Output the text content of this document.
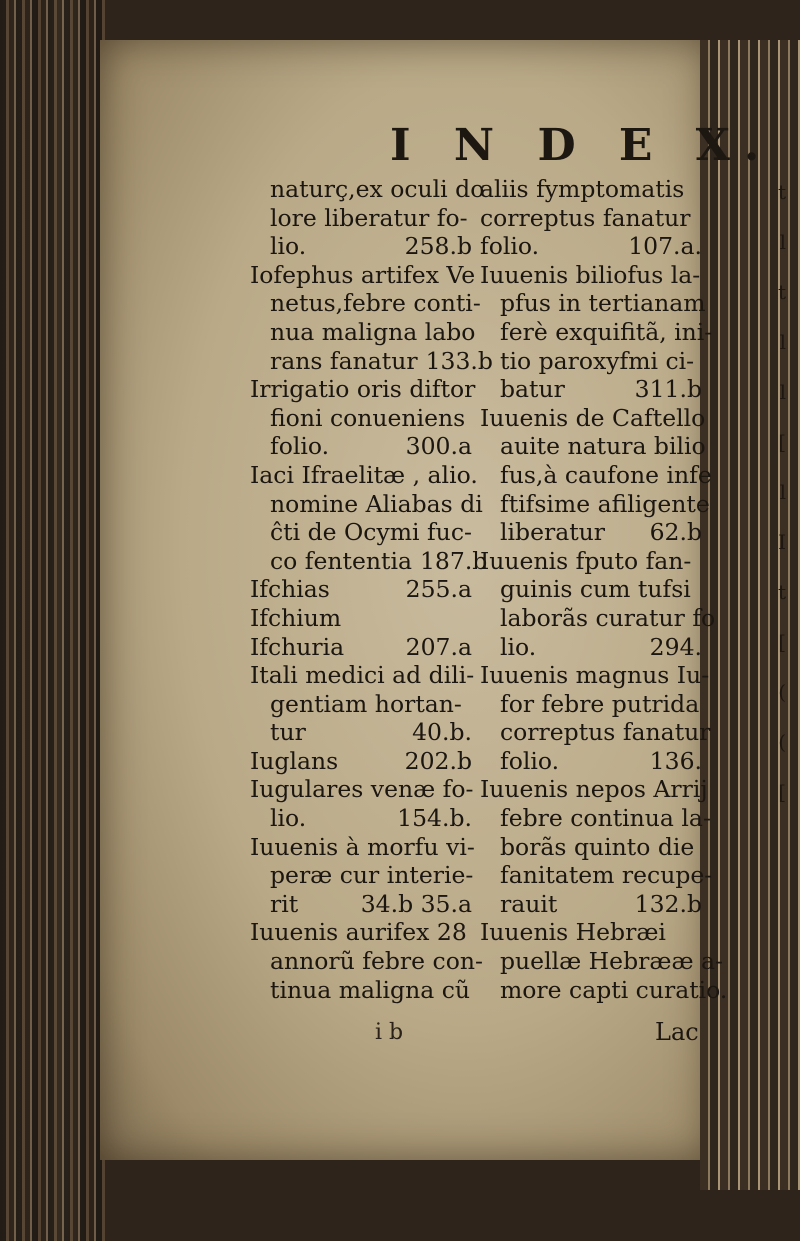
t
l
t
l
l
[
l
I
t
[
(
(
[
I N D E X.
naturç,ex oculi do
lore liberatur fo-
lio.	258.b
Iofephus artifex Ve
netus,febre conti-
nua maligna labo
rans fanatur 133.b
Irrigatio oris diftor
fioni conueniens
folio.	300.a
Iaci Ifraelitæ , alio.
nomine Aliabas di
ĉti de Ocymi fuc-
co fententia 187.b
Ifchias	255.a
Ifchium
Ifchuria	207.a
Itali medici ad dili-
gentiam hortan-
tur	40.b.
Iuglans	202.b
Iugulares venæ fo-
lio.	154.b.
Iuuenis à morfu vi-
peræ cur interie-
rit	34.b 35.a
Iuuenis aurifex 28
annorũ febre con-
tinua maligna cũ
aliis fymptomatis
correptus fanatur
folio.	107.a.
Iuuenis biliofus la-
pfus in tertianam
ferè exquifitã, ini-
tio paroxyfmi ci-
batur	311.b
Iuuenis de Caftello
auite natura bilio
fus,à caufone infe
ftifsime afiligente
liberatur	62.b
Iuuenis fputo fan-
guinis cum tufsi
laborãs curatur fo
lio.	294.
Iuuenis magnus Iu-
for febre putrida
correptus fanatur
folio.	136.
Iuuenis nepos Arrij
febre continua la-
borãs quinto die
fanitatem recupe-
rauit	132.b
Iuuenis Hebræi
puellæ Hebrææ a-
more capti curatio.
i b	Lac
